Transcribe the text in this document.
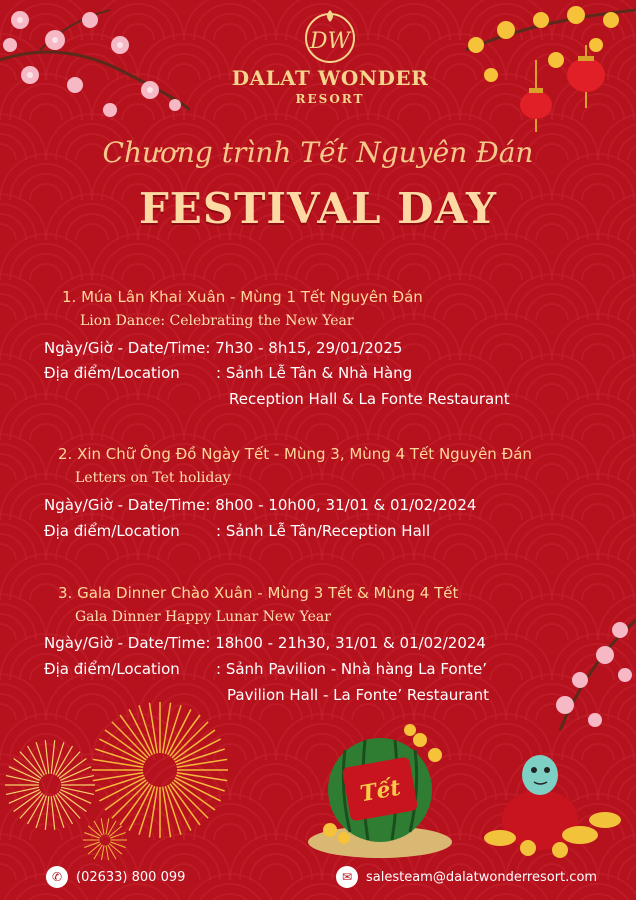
DW
DALAT WONDER
RESORT
Chương trình Tết Nguyên Đán
FESTIVAL DAY
1. Múa Lân Khai Xuân - Mùng 1 Tết Nguyên Đán
Lion Dance: Celebrating the New Year
Ngày/Giờ - Date/Time: 7h30 - 8h15, 29/01/2025
Địa điểm/Location : Sảnh Lễ Tân & Nhà Hàng
Reception Hall & La Fonte Restaurant
2. Xin Chữ Ông Đồ Ngày Tết - Mùng 3, Mùng 4 Tết Nguyên Đán
Letters on Tet holiday
Ngày/Giờ - Date/Time: 8h00 - 10h00, 31/01 & 01/02/2024
Địa điểm/Location : Sảnh Lễ Tân/Reception Hall
3. Gala Dinner Chào Xuân - Mùng 3 Tết & Mùng 4 Tết
Gala Dinner Happy Lunar New Year
Ngày/Giờ - Date/Time: 18h00 - 21h30, 31/01 & 01/02/2024
Địa điểm/Location : Sảnh Pavilion - Nhà hàng La Fonte’
Pavilion Hall - La Fonte’ Restaurant
Tết
✆	(02633) 800 099	✉	salesteam@dalatwonderresort.com
